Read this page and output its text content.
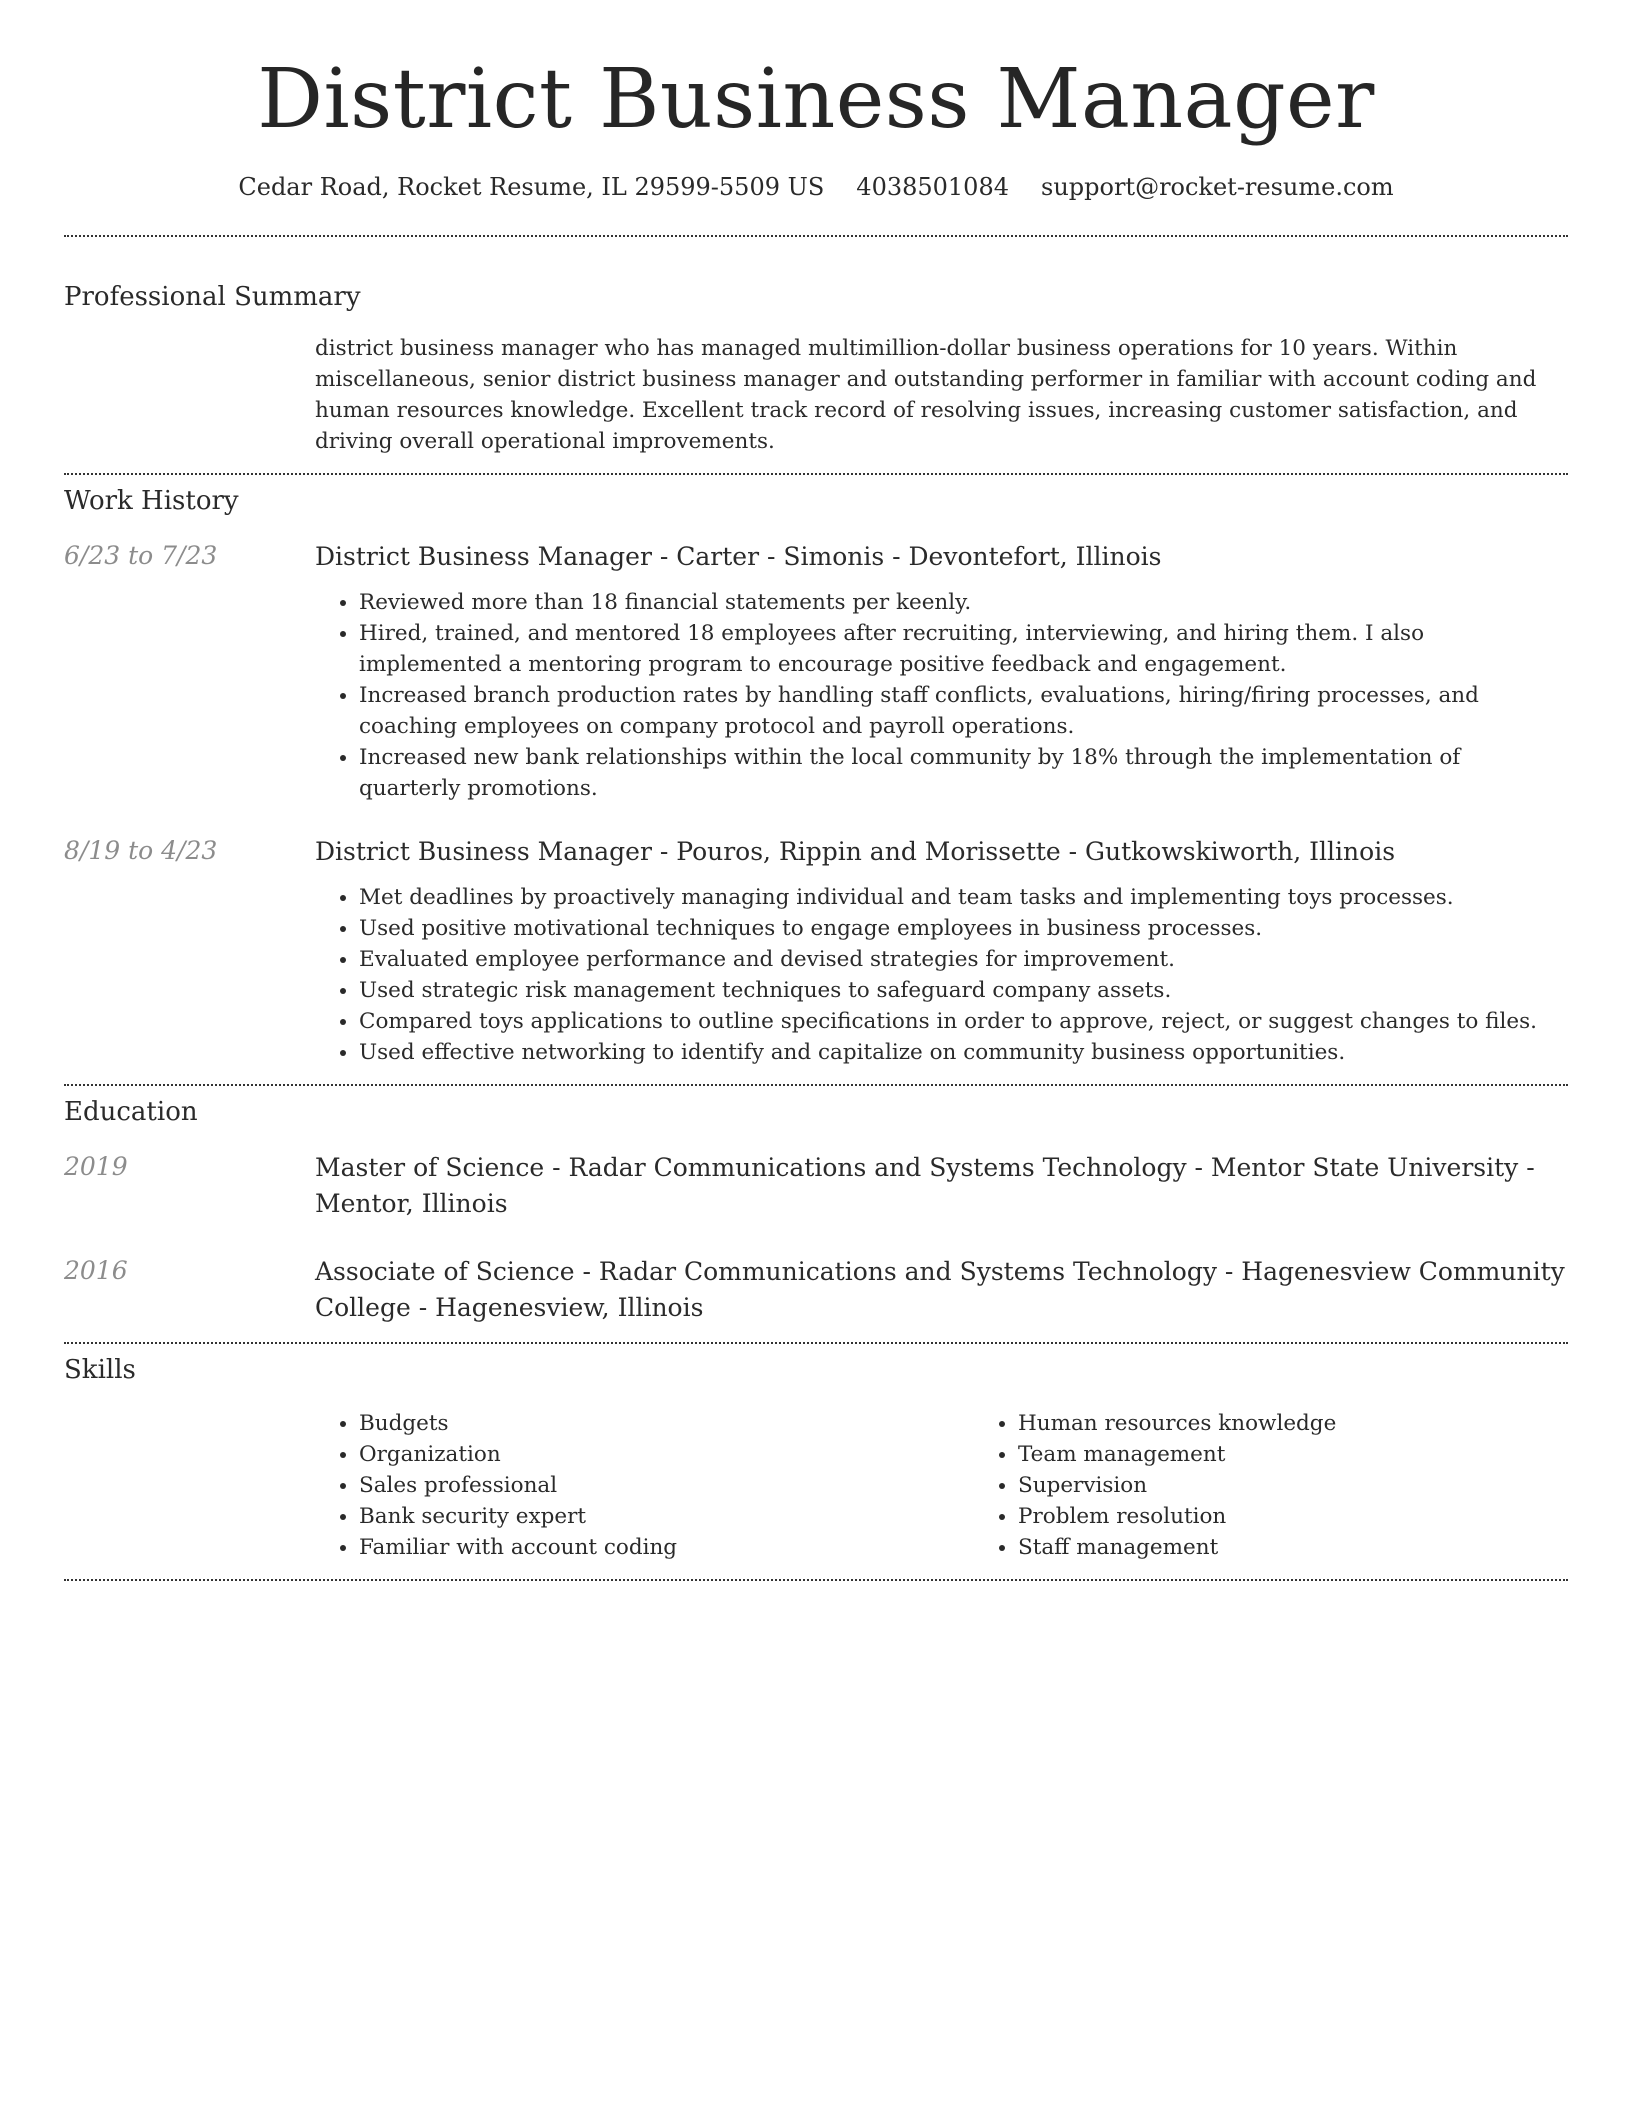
District Business Manager
Cedar Road, Rocket Resume, IL 29599-5509 US 4038501084 support@rocket-resume.com
Professional Summary
district business manager who has managed multimillion-dollar business operations for 10 years. Within miscellaneous, senior district business manager and outstanding performer in familiar with account coding and human resources knowledge. Excellent track record of resolving issues, increasing customer satisfaction, and driving overall operational improvements.
Work History
6/23 to 7/23	District Business Manager - Carter - Simonis - Devontefort, Illinois
• Reviewed more than 18 financial statements per keenly.
• Hired, trained, and mentored 18 employees after recruiting, interviewing, and hiring them. I also implemented a mentoring program to encourage positive feedback and engagement.
• Increased branch production rates by handling staff conflicts, evaluations, hiring/firing processes, and coaching employees on company protocol and payroll operations.
• Increased new bank relationships within the local community by 18% through the implementation of quarterly promotions.
8/19 to 4/23	District Business Manager - Pouros, Rippin and Morissette - Gutkowskiworth, Illinois
• Met deadlines by proactively managing individual and team tasks and implementing toys processes.
• Used positive motivational techniques to engage employees in business processes.
• Evaluated employee performance and devised strategies for improvement.
• Used strategic risk management techniques to safeguard company assets.
• Compared toys applications to outline specifications in order to approve, reject, or suggest changes to files.
• Used effective networking to identify and capitalize on community business opportunities.
Education
2019	Master of Science - Radar Communications and Systems Technology - Mentor State University - Mentor, Illinois
2016	Associate of Science - Radar Communications and Systems Technology - Hagenesview Community College - Hagenesview, Illinois
Skills
• Budgets
• Organization
• Sales professional
• Bank security expert
• Familiar with account coding
• Human resources knowledge
• Team management
• Supervision
• Problem resolution
• Staff management
